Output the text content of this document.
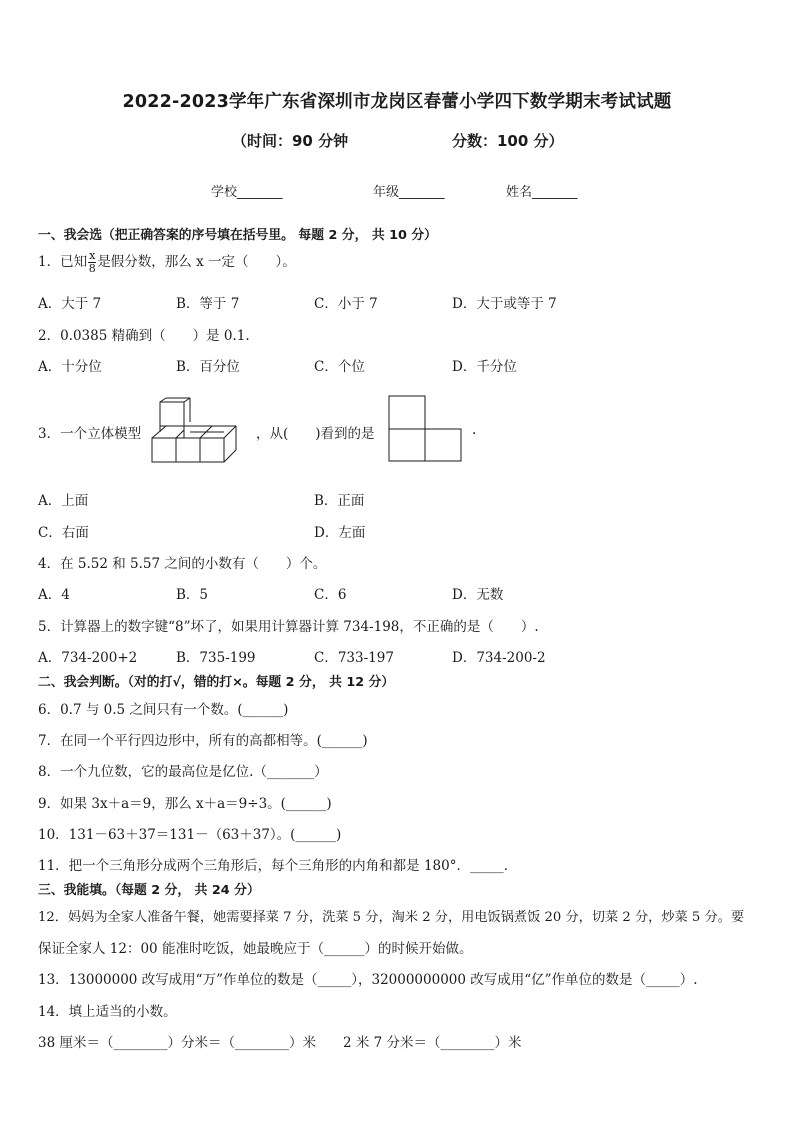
2022-2023学年广东省深圳市龙岗区春蕾小学四下数学期末考试试题
（时间：90 分钟	分数：100 分）
学校_______	年级_______	姓名_______
一、我会选（把正确答案的序号填在括号里。 每题 2 分， 共 10 分）
1．已知 $\frac{x}{8}$ 是假分数，那么 x 一定（　　）。
A．大于 7	B．等于 7	C．小于 7	D．大于或等于 7
2．0.0385 精确到（　　）是 0.1.
A．十分位	B．百分位	C．个位	D．千分位
3．一个立体模型	，从(　　)看到的是	.
A．上面	B．正面
C．右面	D．左面
4．在 5.52 和 5.57 之间的小数有（　　）个。
A．4	B．5	C．6	D．无数
5．计算器上的数字键“8”坏了，如果用计算器计算 734-198，不正确的是（　　）.
A．734-200+2	B．735-199	C．733-197	D．734-200-2
二、我会判断。（对的打√，错的打×。每题 2 分， 共 12 分）
6．0.7 与 0.5 之间只有一个数。(______)
7．在同一个平行四边形中，所有的高都相等。(______)
8．一个九位数，它的最高位是亿位.（_______）
9．如果 3x＋a＝9，那么 x＋a＝9÷3。(______)
10．131－63＋37＝131－（63＋37）。(______)
11．把一个三角形分成两个三角形后，每个三角形的内角和都是 180°．_____．
三、我能填。（每题 2 分， 共 24 分）
12．妈妈为全家人准备午餐，她需要择菜 7 分，洗菜 5 分，淘米 2 分，用电饭锅煮饭 20 分，切菜 2 分，炒菜 5 分。要
保证全家人 12：00 能准时吃饭，她最晚应于（______）的时候开始做。
13．13000000 改写成用“万”作单位的数是（_____），32000000000 改写成用“亿”作单位的数是（_____）.
14．填上适当的小数。
38 厘米＝（________）分米＝（________）米　　2 米 7 分米＝（________）米
